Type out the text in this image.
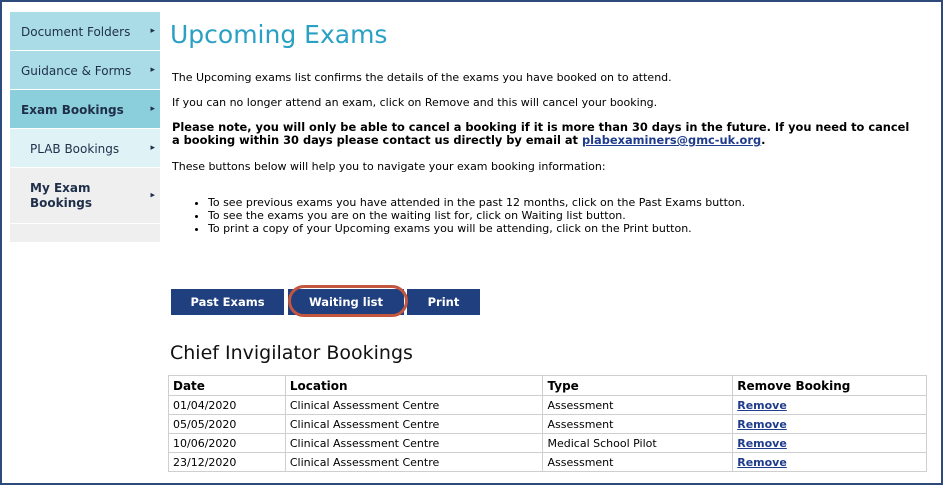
Document Folders	▸
Guidance & Forms	▸
Exam Bookings	▸
PLAB Bookings	▸
My Exam Bookings
▸
Upcoming Exams
The Upcoming exams list confirms the details of the exams you have booked on to attend.
If you can no longer attend an exam, click on Remove and this will cancel your booking.
Please note, you will only be able to cancel a booking if it is more than 30 days in the future. If you need to cancel
a booking within 30 days please contact us directly by email at plabexaminers@gmc-uk.org.
These buttons below will help you to navigate your exam booking information:
• To see previous exams you have attended in the past 12 months, click on the Past Exams button.
• To see the exams you are on the waiting list for, click on Waiting list button.
• To print a copy of your Upcoming exams you will be attending, click on the Print button.
Past Exams	Waiting list	Print
Chief Invigilator Bookings
Date	Location	Type	Remove Booking
01/04/2020	Clinical Assessment Centre	Assessment	Remove
05/05/2020	Clinical Assessment Centre	Assessment	Remove
10/06/2020	Clinical Assessment Centre	Medical School Pilot	Remove
23/12/2020	Clinical Assessment Centre	Assessment	Remove
